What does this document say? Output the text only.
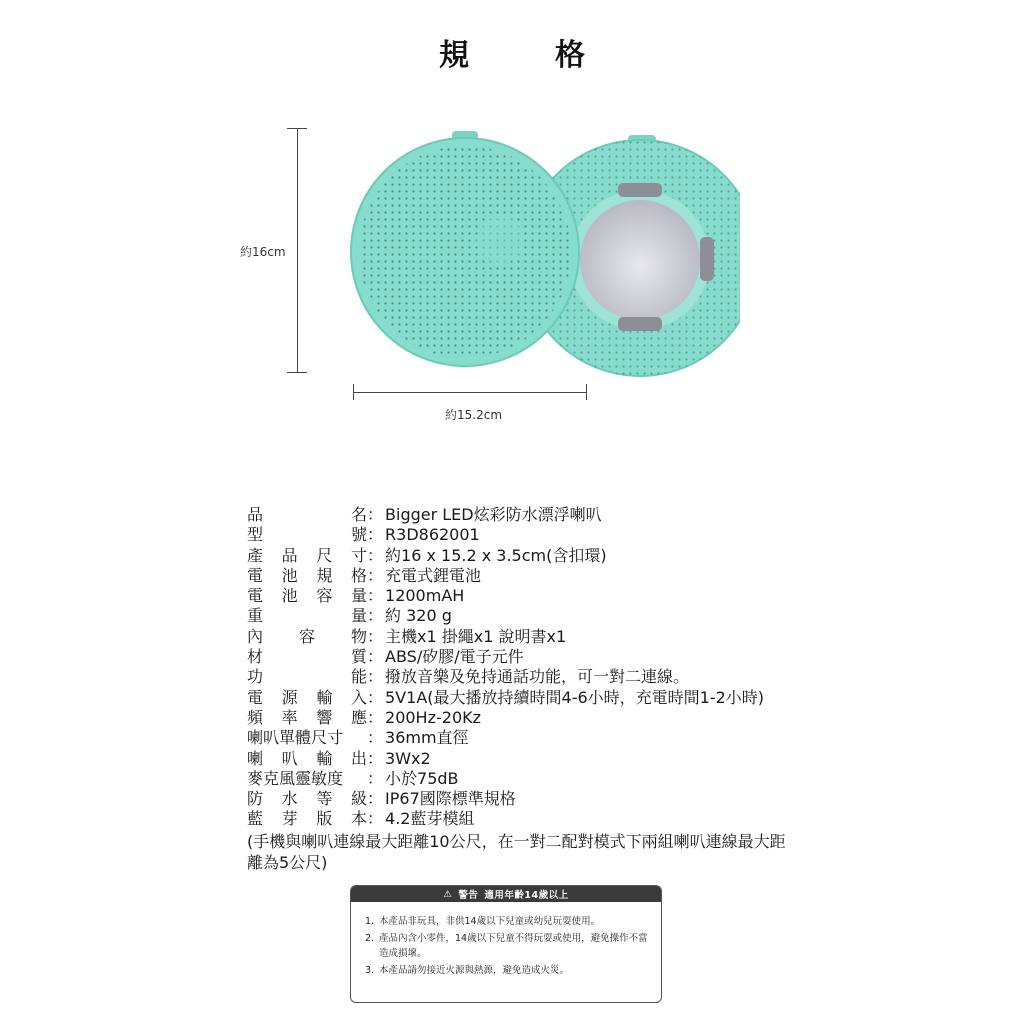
規　格
約16cm
約15.2cm
品	名 ： Bigger LED炫彩防水漂浮喇叭
型	號 ： R3D862001
產 品 尺 寸 ： 約16 x 15.2 x 3.5cm(含扣環)
電 池 規 格 ： 充電式鋰電池
電 池 容 量 ： 1200mAH
重	量 ： 約 320 g
內 容 物 ： 主機x1 掛繩x1 說明書x1
材	質 ： ABS/矽膠/電子元件
功	能 ： 撥放音樂及免持通話功能，可一對二連線。
電 源 輸 入 ： 5V1A(最大播放持續時間4-6小時，充電時間1-2小時)
頻 率 響 應 ： 200Hz-20Kz
喇叭單體尺寸 ： 36mm直徑
喇 叭 輸 出 ： 3Wx2
麥克風靈敏度 ： 小於75dB
防 水 等 級 ： IP67國際標準規格
藍 芽 版 本 ： 4.2藍芽模組
(手機與喇叭連線最大距離10公尺，在一對二配對模式下兩組喇叭連線最大距離為5公尺)
⚠ 警告 適用年齡14歲以上
1. 本產品非玩具，非供14歲以下兒童或幼兒玩耍使用。
2. 產品內含小零件，14歲以下兒童不得玩耍或使用，避免操作不當造成損壞。
3. 本產品請勿接近火源與熱源，避免造成火災。
